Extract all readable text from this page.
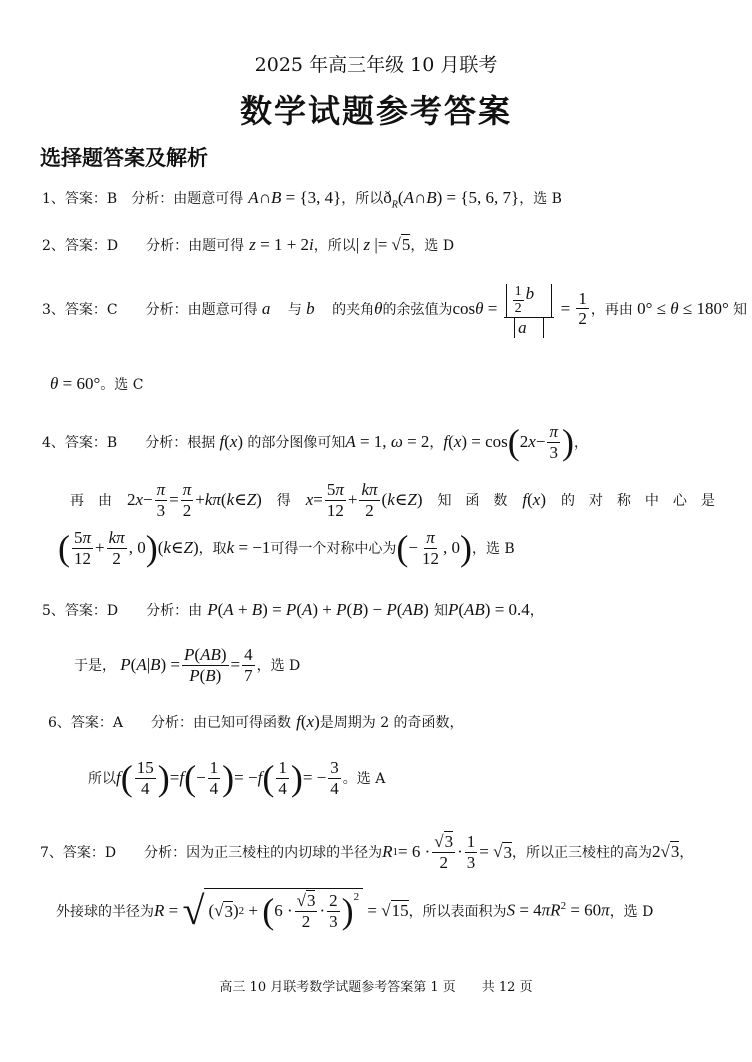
2025 年高三年级 10 月联考
数学试题参考答案
选择题答案及解析
1、答案：B　分析：由题意可得 A∩B = {3, 4}，所以$ð_R(A\cap B) = \{5$, 6, 7}，选 B
2、答案：D　　分析：由题可得 z = 1 + 2i，所以| z |= √5，选 D
3、答案：C　　分析： 由题意可得 a⃗ 与 b⃗ 的夹角 θ 的余弦值为 $\cos \theta = \frac{\frac{1}{2} b⃗}{a⃗} = \frac{1}{2}$ ，再由 0° ≤ θ ≤ 180° 知
θ = 60°。选 C
4、答案：B　　分析： 根据 f(x) 的部分图像可知 A = 1, ω = 2 ， f ( x ) = cos ( 2 $x - \frac{\pi}{3}$ ) ，
再　由 2 $x - \frac{\pi}{3} = \frac{\pi}{2} + k\pi$ ( k ∈ Z ) 得 $x = \frac{5\pi}{12} + \frac{k\pi}{2}$ ( k ∈ Z ) 知　函　数 f(x) 的　对　称　中　心　是
( $\frac{5\pi}{12} + \frac{k\pi}{2}$ , 0 ) ( k ∈ Z ) ，取 k = −1 可得一个对称中心为 ( − $\frac{\pi}{12}$ , 0 ) ，选 B
5、答案：D　　分析：由 P(A + B) = P(A) + P(B) − P(AB) 知P(AB) = 0.4，
于是，
P ( A | B ) = $\frac{P(AB)}{P(B)} = \frac{4}{7}$ ，选 D
6、答案：A　　分析：由已知可得函数 f(x)是周期为 2 的奇函数，
所以 f ( $\frac{15}{4}$ ) = f ( − $\frac{1}{4}$ ) = − f ( $\frac{1}{4}$ ) = − $\frac{3}{4}$ 。选 A
7、答案：D　　分析： 因为正三棱柱的内切球的半径为 R $1 = 6 \cdot \frac{√3}{2} \cdot \frac{1}{3}$ = √ 3 ，所以正三棱柱的高为 2√3 ，
外接球的半径为 R = √ (√ 3 ) 2 + ( $6 \cdot \frac{√3}{2} \cdot \frac{2}{3} )^2$
= √ 15 ，所以表面积为 $S = 4\pi R^2 = 60\pi$ ，选 D
高三 10 月联考数学试题参考答案第 1 页　　共 12 页
